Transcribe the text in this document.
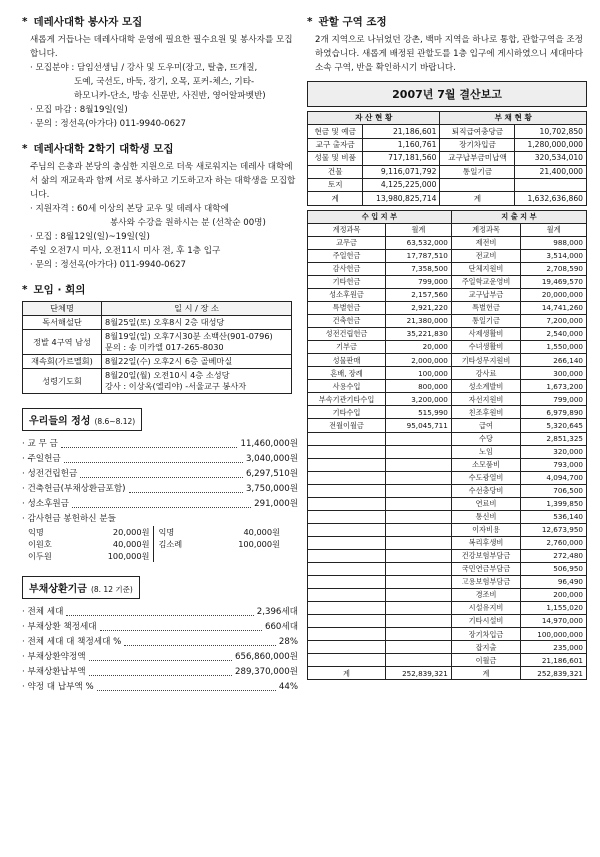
* 데레사대학 봉사자 모집
새롭게 거듭나는 데레사대학 운영에 필요한 필수요원 및 봉사자를 모집합니다.
· 모집분야 : 담임선생님 / 강사 및 도우미(장고, 탈춤, 뜨개질,
도예, 국선도, 바둑, 장기, 오목, 포커-체스, 기타-
하모니카-단소, 방송 신문반, 사진반, 영어알파벳반)
· 모집 마감 : 8월19일(일)
· 문의 : 정선옥(아가다) 011-9940-0627
* 데레사대학 2학기 대학생 모집
주님의 은총과 본당의 충심한 지원으로 더욱 새로워지는 데레사 대학에서 삶의 재교육과 함께 서로 봉사하고 기도하고자 하는 대학생을 모집합니다.
· 지원자격 : 60세 이상의 본당 교우 및 데레사 대학에
봉사와 수강을 원하시는 분 (선착순 00명)
· 모집 : 8월12일(일)~19일(일)
주일 오전7시 미사, 오전11시 미사 전, 후 1층 입구
· 문의 : 정선옥(아가다) 011-9940-0627
* 모임 · 회의
단체명	일 시 / 장 소
독서해설단	8월25일(토) 오후8시 2층 대성당

정발 4구역 남성	8월19일(일) 오후7시30분 소백산(901-0796)
문의 : 송 미카엘 017-265-8030

재속회(가르멜회)	8월22일(수) 오후2시 6층 골베마실

성령기도회	8월20일(월) 오전10시 4층 소성당
강사 : 이상옥(엘리야) -서울교구 봉사자
우리들의 정성 (8.6~8.12)
· 교 무 금	11,460,000원
· 주일헌금	3,040,000원
· 성전건립헌금	6,297,510원
· 건축헌금(부채상환금포함)	3,750,000원
· 성소후원금	291,000원
· 감사헌금 봉헌하신 분들
익명	20,000원	익명	40,000원
이원호	40,000원	김소례	100,000원
이두원	100,000원		
부채상환기금 (8. 12 기준)
· 전체 세대	2,396세대
· 부채상환 책정세대	660세대
· 전체 세대 대 책정세대 %	28%
· 부채상환약정액	656,860,000원
· 부채상환납부액	289,370,000원
· 약정 대 납부액 %	44%
* 관할 구역 조정
2개 지역으로 나뉘었던 강촌, 백마 지역을 하나로 통합, 관할구역을 조정하였습니다. 새롭게 배정된 관할도를 1층 입구에 게시하였으니 세대마다 소속 구역, 반을 확인하시기 바랍니다.
2007년 7월 결산보고
자 산 현 황		부 채 현 황	
현금 및 예금	21,186,601	퇴직급여충당금	10,702,850
교구 출자금	1,160,761	장기차입금	1,280,000,000
성물 및 비품	717,181,560	교구납부금미납액	320,534,010
건물	9,116,071,792	통일기금	21,400,000
토지	4,125,225,000		
계	13,980,825,714	계	1,632,636,860
수 입 지 부		지 출 지 부	
계정과목	월계	계정과목	월계
교무금	63,532,000	제전비	988,000
주일헌금	17,787,510	전교비	3,514,000
감사헌금	7,358,500	단체지원비	2,708,590
기타헌금	799,000	주일학교운영비	19,469,570
성소후원금	2,157,560	교구납부금	20,000,000
특별헌금	2,921,220	특별헌금	14,741,260
건축헌금	21,380,000	통일기금	7,200,000
성전건립헌금	35,221,830	사제생활비	2,540,000
기부금	20,000	수녀생활비	1,550,000
성물판매	2,000,000	기타성무지원비	266,140
혼배, 장례	100,000	강사료	300,000
사용수입	800,000	성소계발비	1,673,200
부속기관기타수입	3,200,000	자선지원비	799,000
기타수입	515,990	친조후원비	6,979,890
전월이월금	95,045,711	급여	5,320,645
		수당	2,851,325
		노임	320,000
		소모품비	793,000
		수도광열비	4,094,700
		수선충당비	706,500
		연료비	1,399,850
		통신비	536,140
		이자비용	12,673,950
		복리후생비	2,760,000
		건강보험부담금	272,480
		국민연금부담금	506,950
		고용보험부담금	96,490
		경조비	200,000
		시설유지비	1,155,020
		기타시설비	14,970,000
		장기차입금	100,000,000
		잡지출	235,000
		이월금	21,186,601
계	252,839,321	계	252,839,321
